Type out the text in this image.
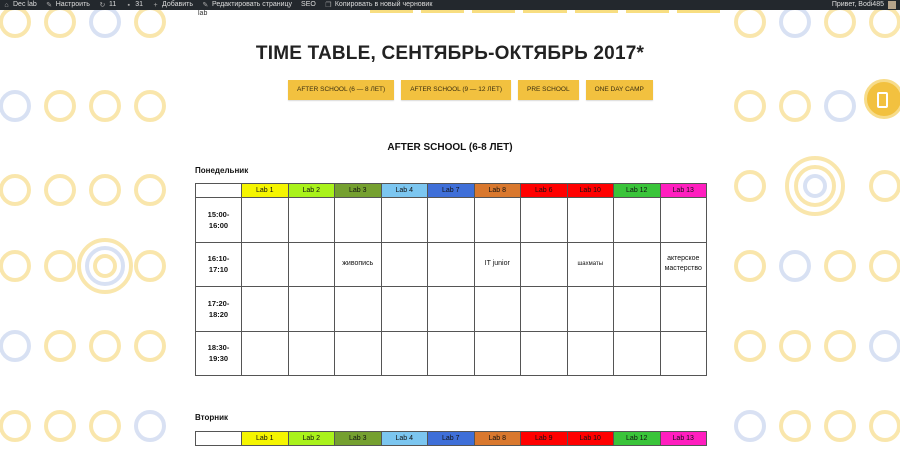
⌂ Dec lab ✎ Настроить ↻ 11	▪ 31 + Добавить ✎ Редактировать страницу SEO ❐ Копировать в новый черновик	Привет, Bodi485
lab
TIME TABLE, СЕНТЯБРЬ-ОКТЯБРЬ 2017*
AFTER SCHOOL (6 — 8 ЛЕТ)	AFTER SCHOOL (9 — 12 ЛЕТ)	PRE SCHOOL	ONE DAY CAMP
AFTER SCHOOL (6-8 ЛЕТ)
Понедельник
	Lab 1	Lab 2	Lab 3	Lab 4	Lab 7	Lab 8	Lab 6	Lab 10	Lab 12	Lab 13
15:00-
16:00										
16:10-
17:10			живопись			IT junior		шахматы		актерское
мастерство
17:20-
18:20										
18:30-
19:30										
Вторник
	Lab 1	Lab 2	Lab 3	Lab 4	Lab 7	Lab 8	Lab 9	Lab 10	Lab 12	Lab 13
